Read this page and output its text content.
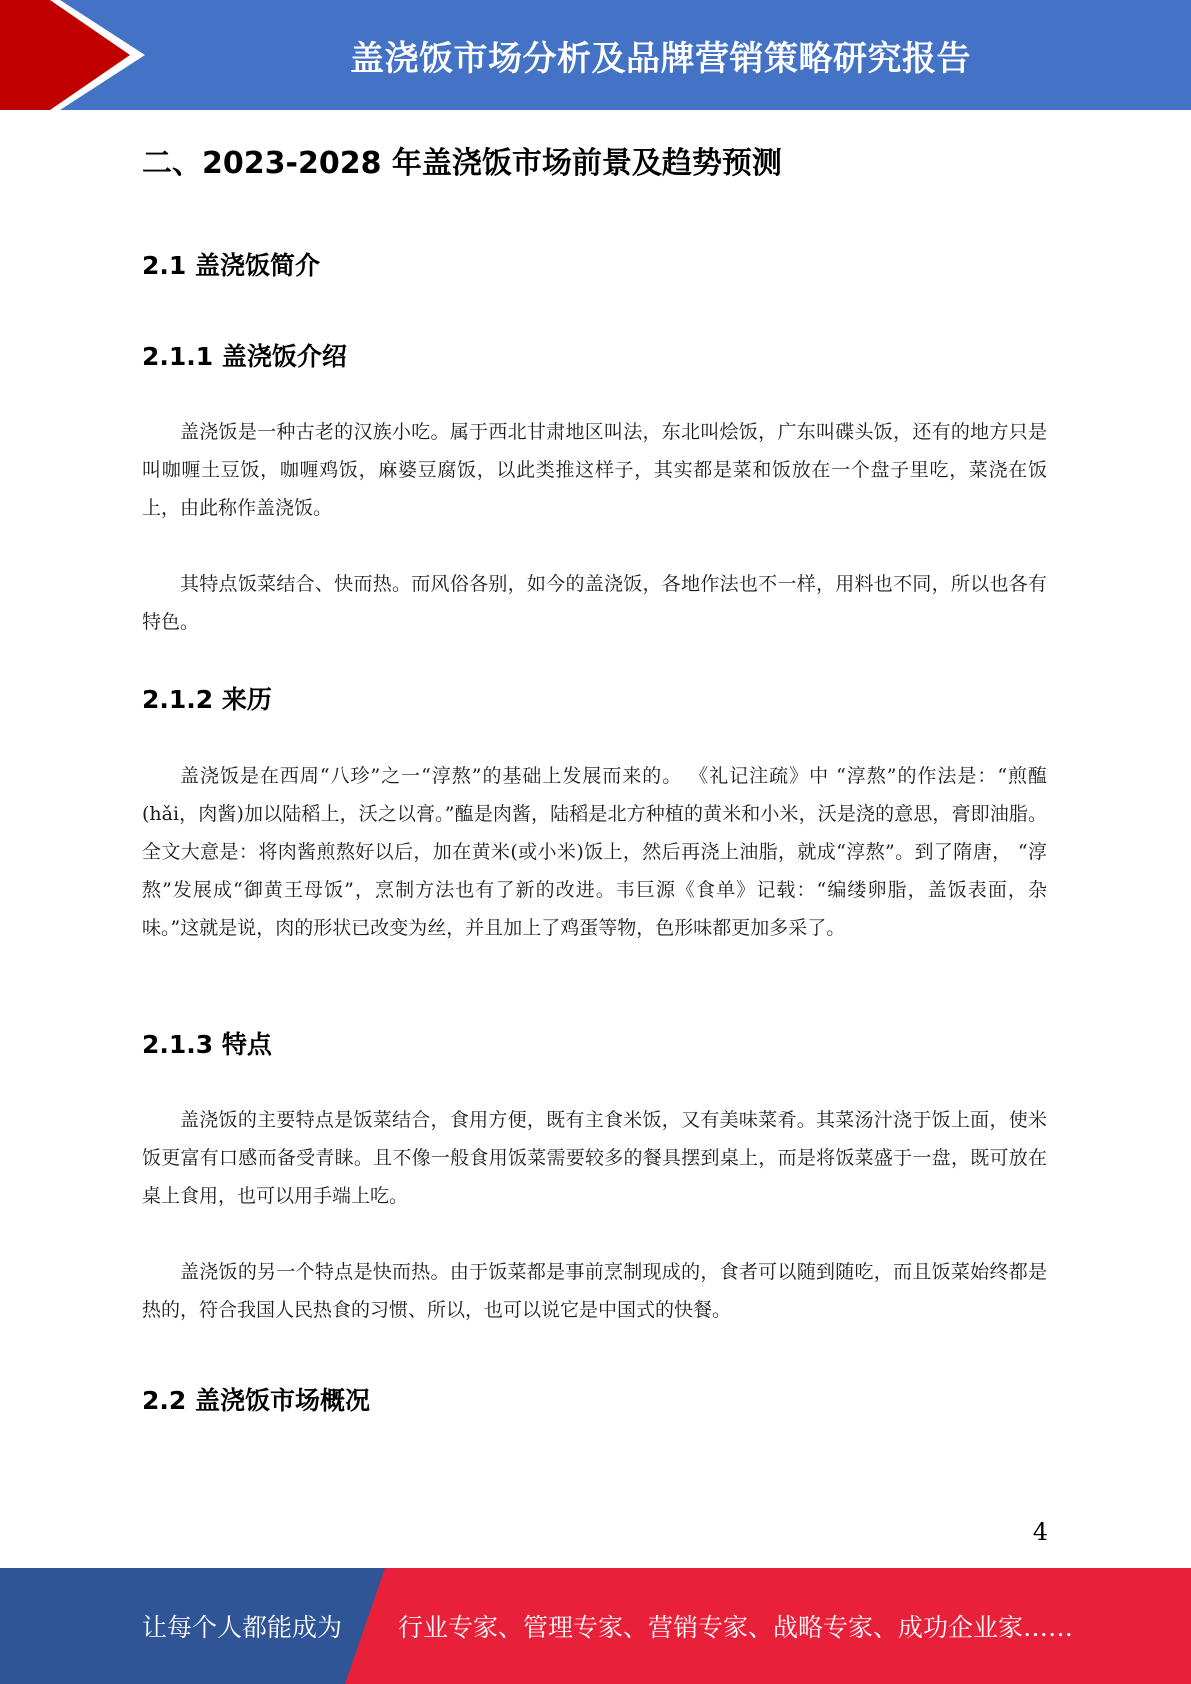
盖浇饭市场分析及品牌营销策略研究报告
二、2023-2028 年盖浇饭市场前景及趋势预测
2.1 盖浇饭简介
2.1.1 盖浇饭介绍

盖浇饭是一种古老的汉族小吃。属于西北甘肃地区叫法，东北叫烩饭，广东叫碟头饭，还有的地方只是叫咖喱土豆饭，咖喱鸡饭，麻婆豆腐饭，以此类推这样子，其实都是菜和饭放在一个盘子里吃，菜浇在饭上，由此称作盖浇饭。

其特点饭菜结合、快而热。而风俗各别，如今的盖浇饭，各地作法也不一样，用料也不同，所以也各有特色。

2.1.2 来历

盖浇饭是在西周“八珍”之一“淳熬”的基础上发展而来的。 《礼记注疏》中 “淳熬”的作法是：“煎醢(hǎi，肉酱)加以陆稻上，沃之以膏。”醢是肉酱，陆稻是北方种植的黄米和小米，沃是浇的意思，膏即油脂。全文大意是：将肉酱煎熬好以后，加在黄米(或小米)饭上，然后再浇上油脂，就成“淳熬”。到了隋唐， “淳熬”发展成“御黄王母饭”，烹制方法也有了新的改进。韦巨源《食单》记载：“编缕卵脂，盖饭表面，杂味。”这就是说，肉的形状已改变为丝，并且加上了鸡蛋等物，色形味都更加多采了。

2.1.3 特点

盖浇饭的主要特点是饭菜结合，食用方便，既有主食米饭，又有美味菜肴。其菜汤汁浇于饭上面，使米饭更富有口感而备受青睐。且不像一般食用饭菜需要较多的餐具摆到桌上，而是将饭菜盛于一盘，既可放在桌上食用，也可以用手端上吃。

盖浇饭的另一个特点是快而热。由于饭菜都是事前烹制现成的，食者可以随到随吃，而且饭菜始终都是热的，符合我国人民热食的习惯、所以，也可以说它是中国式的快餐。

2.2 盖浇饭市场概况
4
让每个人都能成为 行业专家、管理专家、营销专家、战略专家、成功企业家……
